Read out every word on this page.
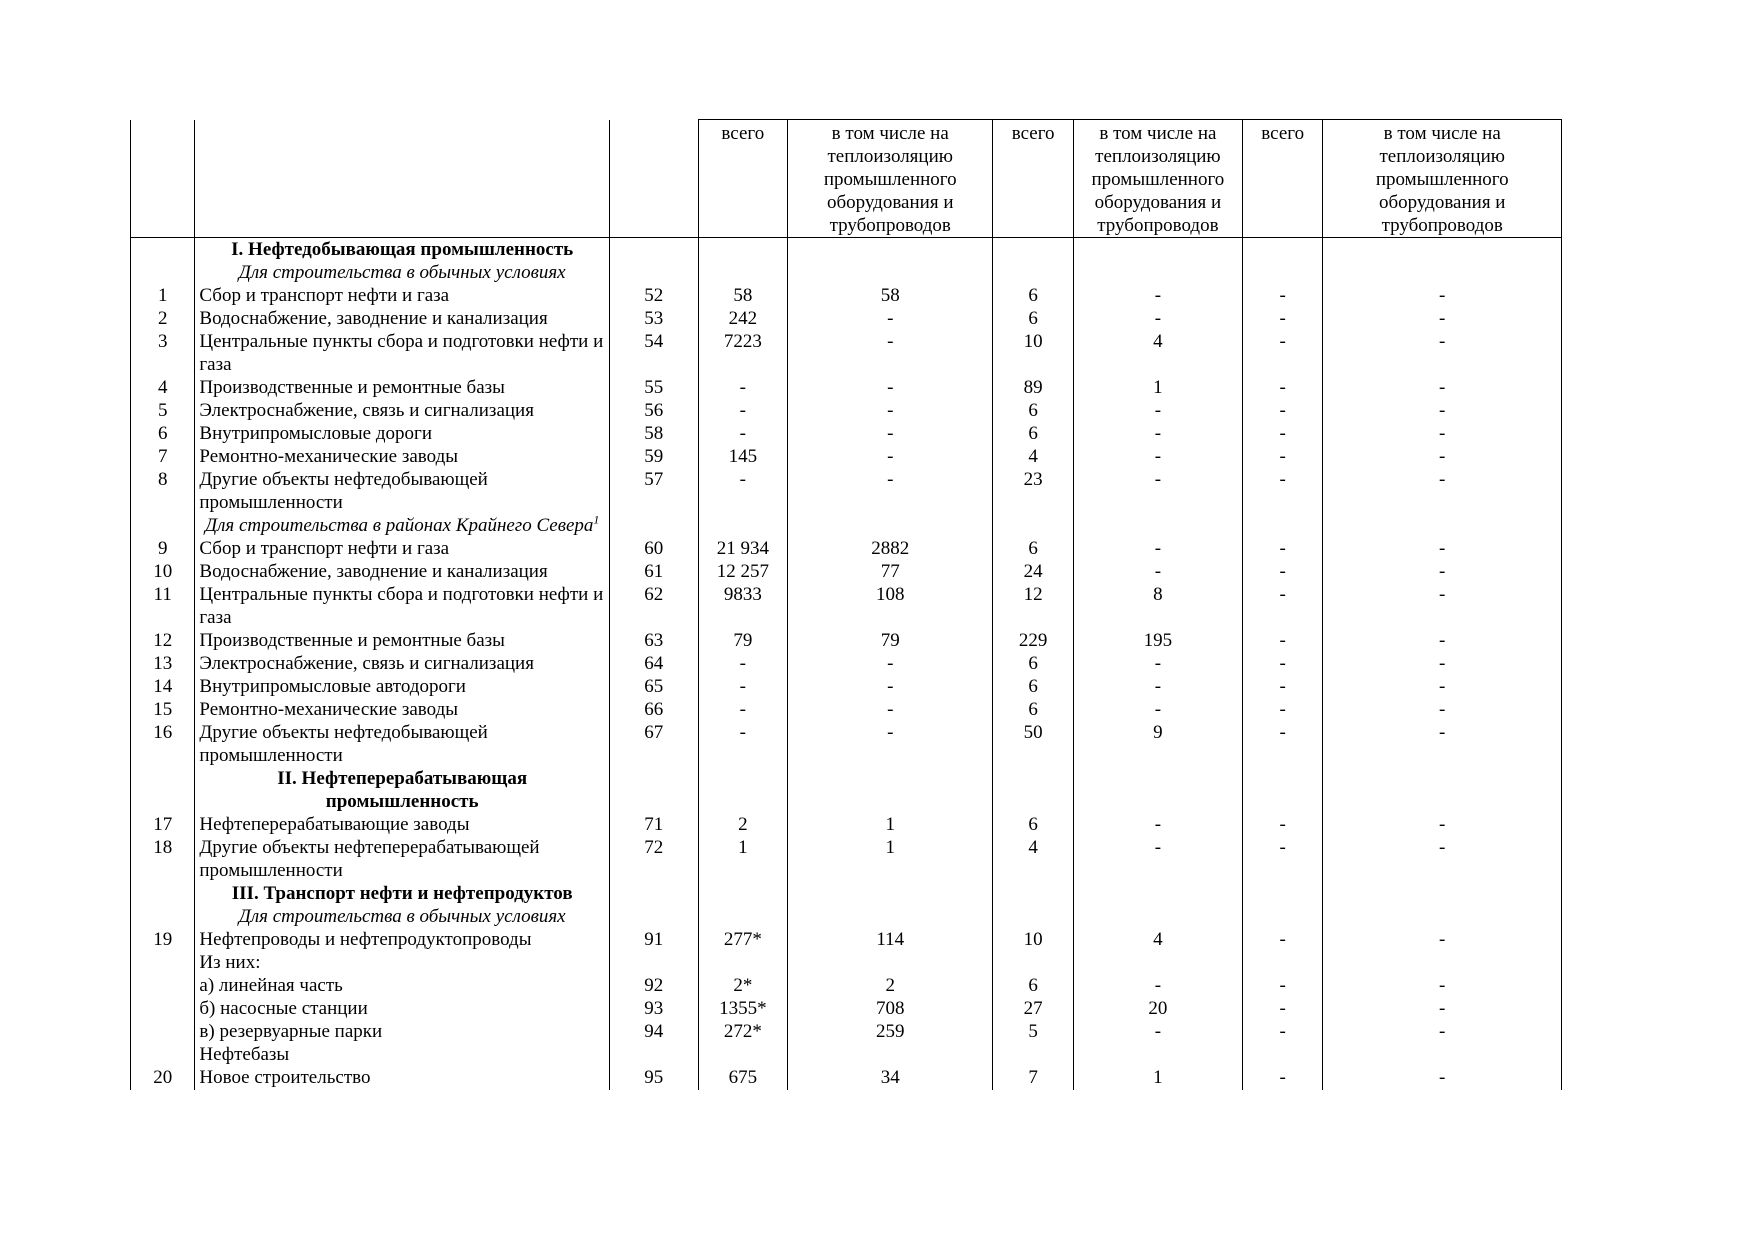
			всего	в том числе на теплоизоляцию промышленного оборудования и трубопроводов	всего	в том числе на теплоизоляцию промышленного оборудования и трубопроводов	всего	в том числе на теплоизоляцию промышленного оборудования и трубопроводов
	I. Нефтедобывающая промышленность							
	Для строительства в обычных условиях							
1	Сбор и транспорт нефти и газа	52	58	58	6	-	-	-
2	Водоснабжение, заводнение и канализация	53	242	-	6	-	-	-
3	Центральные пункты сбора и подготовки нефти и газа	54	7223	-	10	4	-	-
4	Производственные и ремонтные базы	55	-	-	89	1	-	-
5	Электроснабжение, связь и сигнализация	56	-	-	6	-	-	-
6	Внутрипромысловые дороги	58	-	-	6	-	-	-
7	Ремонтно-механические заводы	59	145	-	4	-	-	-
8	Другие объекты нефтедобывающей промышленности	57	-	-	23	-	-	-
	Для строительства в районах Крайнего Севера$^1$							
9	Сбор и транспорт нефти и газа	60	21 934	2882	6	-	-	-
10	Водоснабжение, заводнение и канализация	61	12 257	77	24	-	-	-
11	Центральные пункты сбора и подготовки нефти и газа	62	9833	108	12	8	-	-
12	Производственные и ремонтные базы	63	79	79	229	195	-	-
13	Электроснабжение, связь и сигнализация	64	-	-	6	-	-	-
14	Внутрипромысловые автодороги	65	-	-	6	-	-	-
15	Ремонтно-механические заводы	66	-	-	6	-	-	-
16	Другие объекты нефтедобывающей промышленности	67	-	-	50	9	-	-
	II. Нефтеперерабатывающая промышленность							
17	Нефтеперерабатывающие заводы	71	2	1	6	-	-	-
18	Другие объекты нефтеперерабатывающей промышленности	72	1	1	4	-	-	-
	III. Транспорт нефти и нефтепродуктов							
	Для строительства в обычных условиях							
19	Нефтепроводы и нефтепродуктопроводы	91	277*	114	10	4	-	-
	Из них:							
	а) линейная часть	92	2*	2	6	-	-	-
	б) насосные станции	93	1355*	708	27	20	-	-
	в) резервуарные парки	94	272*	259	5	-	-	-
	Нефтебазы							
20	Новое строительство	95	675	34	7	1	-	-
